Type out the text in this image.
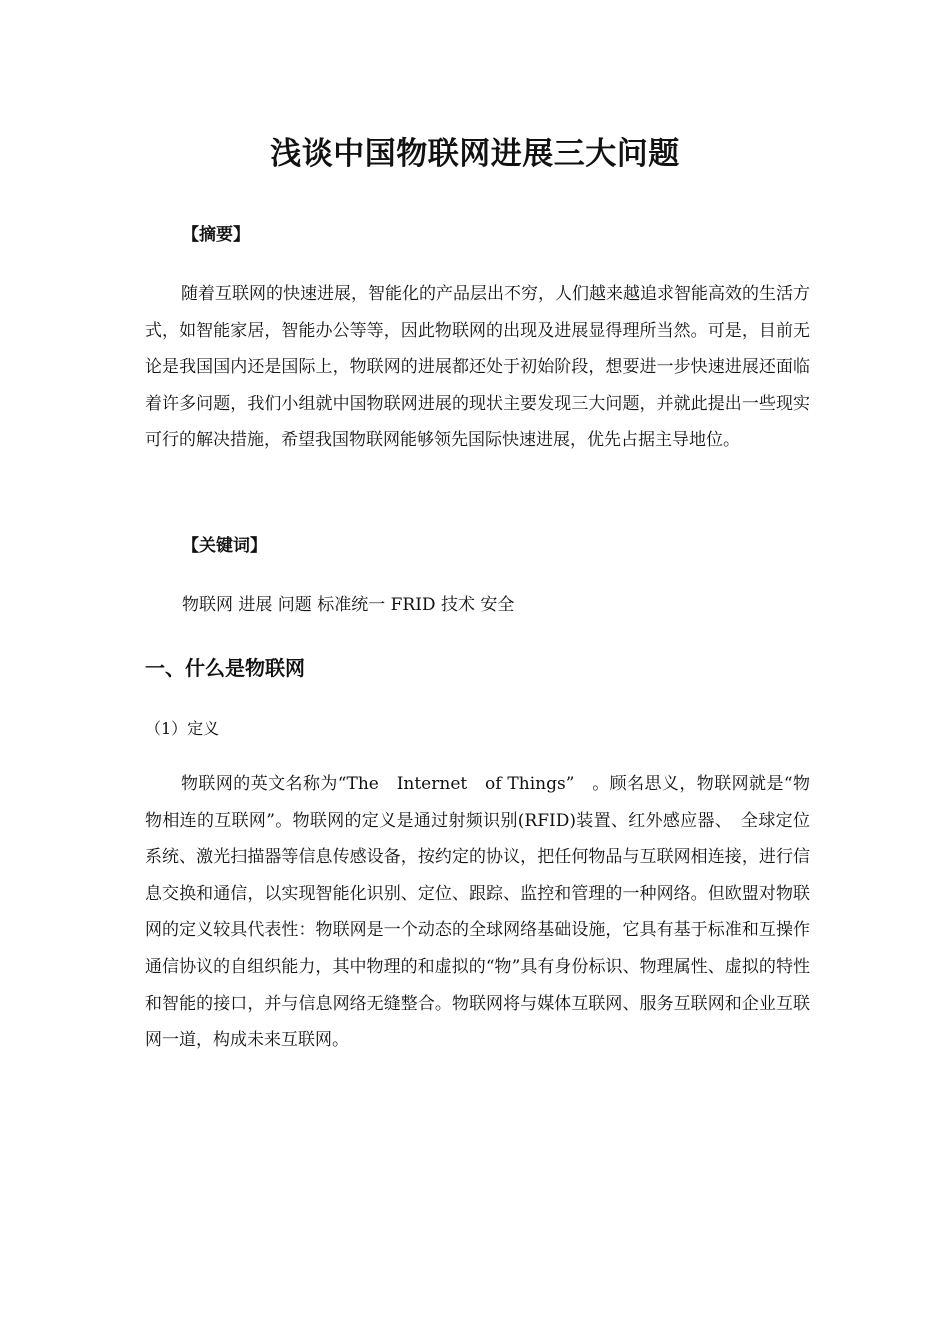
浅谈中国物联网进展三大问题
【摘要】

随着互联网的快速进展，智能化的产品层出不穷，人们越来越追求智能高效的生活方式，如智能家居，智能办公等等，因此物联网的出现及进展显得理所当然。可是，目前无论是我国国内还是国际上，物联网的进展都还处于初始阶段，想要进一步快速进展还面临着许多问题，我们小组就中国物联网进展的现状主要发现三大问题，并就此提出一些现实可行的解决措施，希望我国物联网能够领先国际快速进展，优先占据主导地位。

【关键词】
物联网 进展 问题 标准统一 FRID 技术 安全
一、什么是物联网
（1）定义

物联网的英文名称为“The　Internet　of Things”　。顾名思义，物联网就是“物物相连的互联网”。物联网的定义是通过射频识别(RFID)装置、红外感应器、　全球定位系统、激光扫描器等信息传感设备，按约定的协议，把任何物品与互联网相连接，进行信息交换和通信，以实现智能化识别、定位、跟踪、监控和管理的一种网络。但欧盟对物联网的定义较具代表性：物联网是一个动态的全球网络基础设施，它具有基于标准和互操作通信协议的自组织能力，其中物理的和虚拟的“物”具有身份标识、物理属性、虚拟的特性和智能的接口，并与信息网络无缝整合。物联网将与媒体互联网、服务互联网和企业互联网一道，构成未来互联网。
